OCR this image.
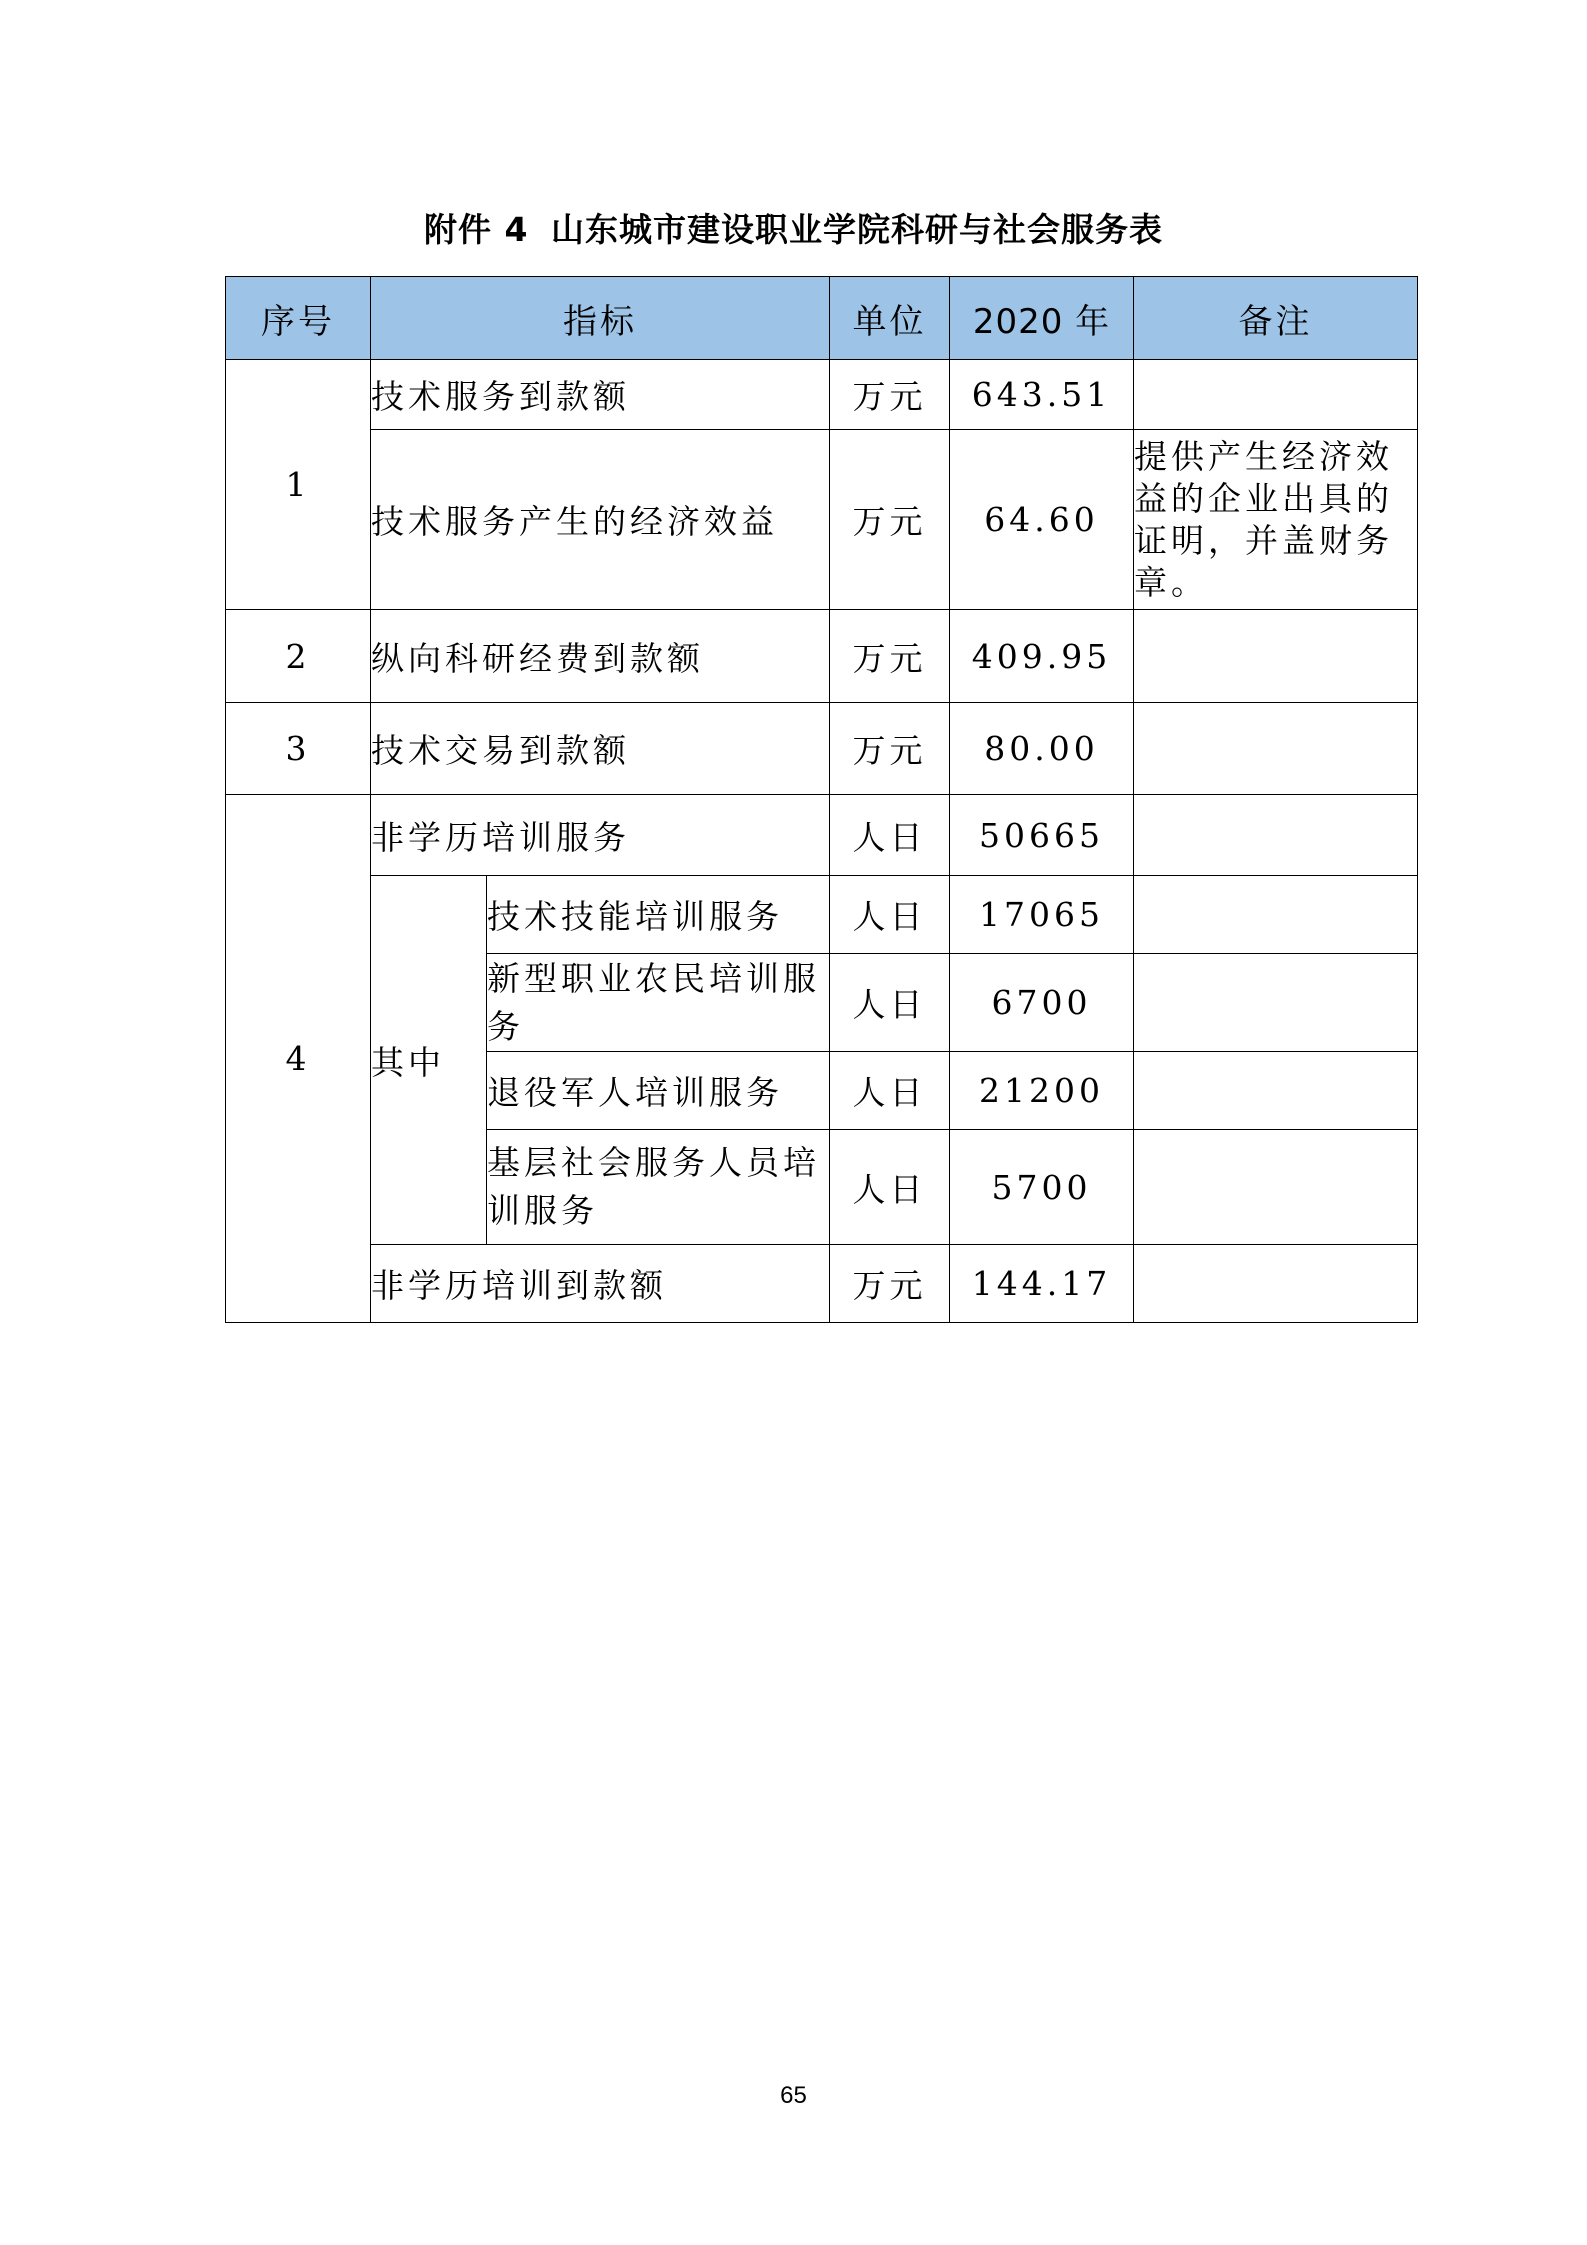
附件 4 山东城市建设职业学院科研与社会服务表
序号	指标		单位	2020 年	备注
1	技术服务到款额		万元	643.51	
	技术服务产生的经济效益		万元	64.60	提供产生经济效益的企业出具的证明，并盖财务章。
2	纵向科研经费到款额		万元	409.95	
3	技术交易到款额		万元	80.00	
4	非学历培训服务		人日	50665	
	其中	技术技能培训服务	人日	17065	
		新型职业农民培训服务	人日	6700	
		退役军人培训服务	人日	21200	
		基层社会服务人员培训服务	人日	5700	
	非学历培训到款额		万元	144.17	
65
